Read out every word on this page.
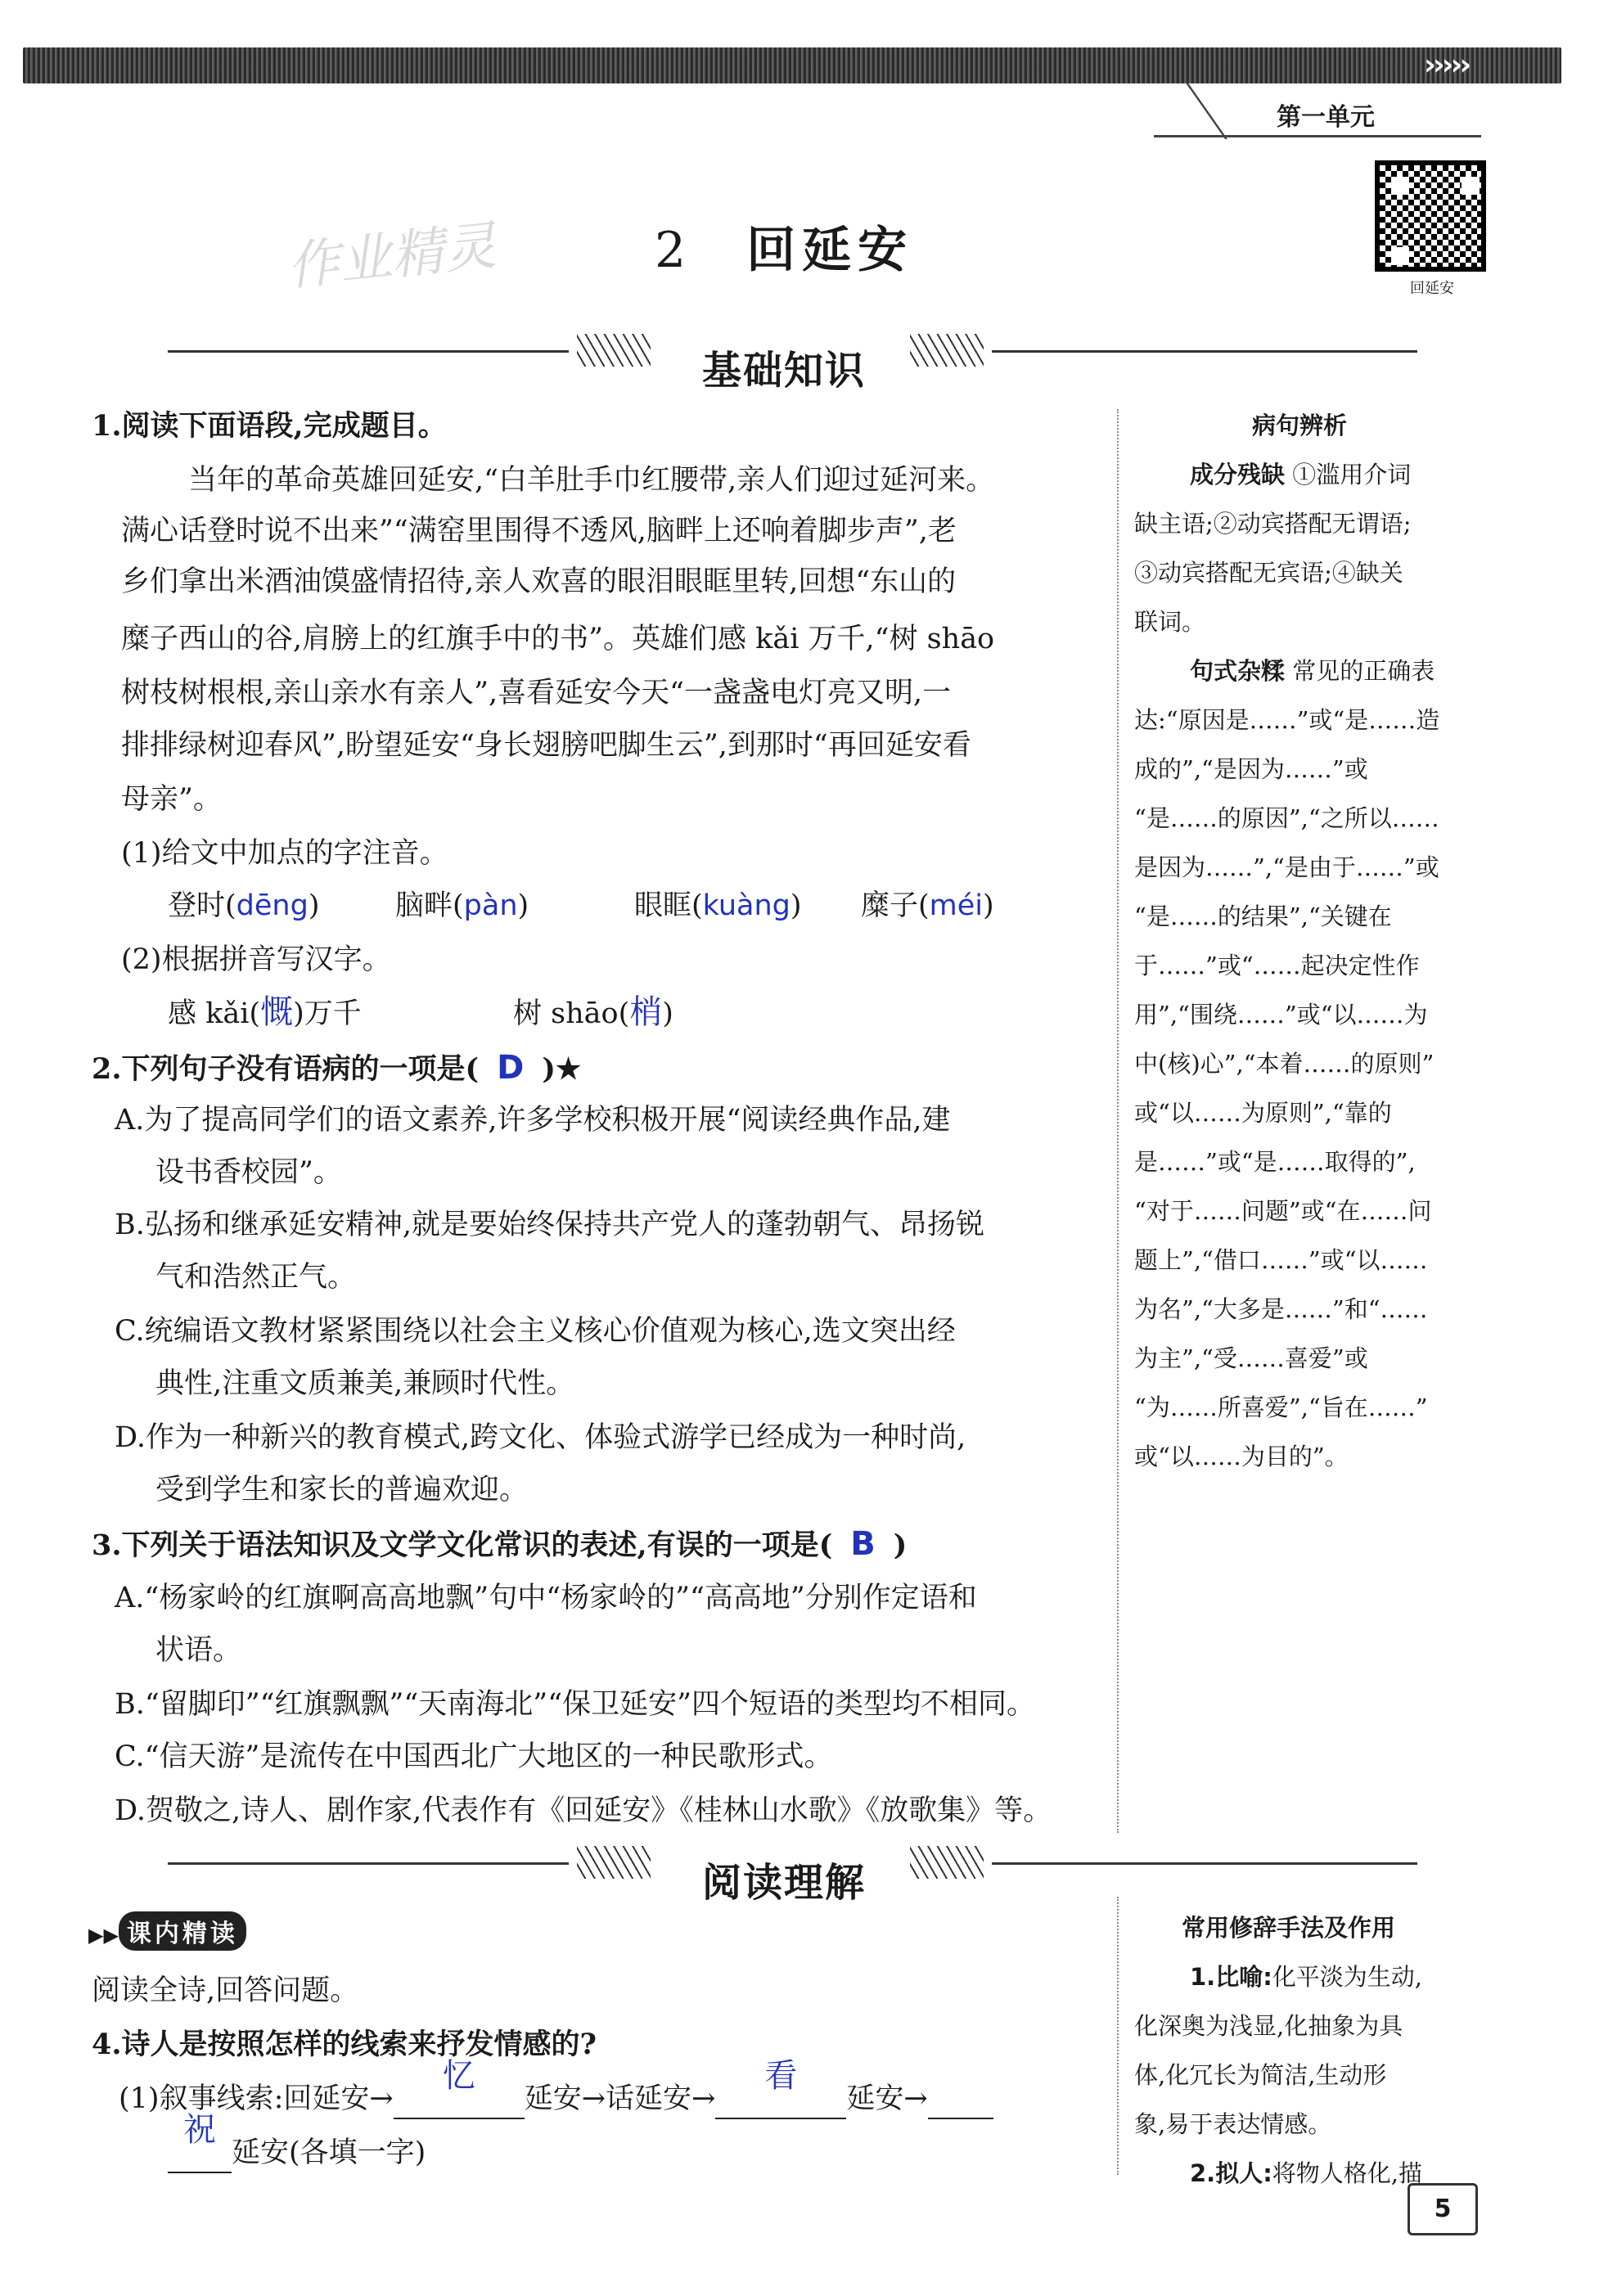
›››››
第一单元
作业精灵	2 回延安
回延安
基础知识

1.阅读下面语段,完成题目。

当年的革命英雄回延安,“白羊肚手巾红腰带,亲人们迎过延河来。

满心话登时说不出来”“满窑里围得不透风,脑畔上还响着脚步声”,老

乡们拿出米酒油馍盛情招待,亲人欢喜的眼泪眼眶里转,回想“东山的

糜子西山的谷,肩膀上的红旗手中的书”。英雄们感 kǎi 万千,“树 shāo

树枝树根根,亲山亲水有亲人”,喜看延安今天“一盏盏电灯亮又明,一

排排绿树迎春风”,盼望延安“身长翅膀吧脚生云”,到那时“再回延安看

母亲”。

(1)给文中加点的字注音。

登时(dēng)	脑畔(pàn)	眼眶(kuàng) 糜子(méi)

(2)根据拼音写汉字。

感 kǎi(慨)万千	树 shāo(梢)

2.下列句子没有语病的一项是( D )★

A.为了提高同学们的语文素养,许多学校积极开展“阅读经典作品,建

设书香校园”。

B.弘扬和继承延安精神,就是要始终保持共产党人的蓬勃朝气、昂扬锐

气和浩然正气。

C.统编语文教材紧紧围绕以社会主义核心价值观为核心,选文突出经

典性,注重文质兼美,兼顾时代性。

D.作为一种新兴的教育模式,跨文化、体验式游学已经成为一种时尚,

受到学生和家长的普遍欢迎。

3.下列关于语法知识及文学文化常识的表述,有误的一项是( B )

A.“杨家岭的红旗啊高高地飘”句中“杨家岭的”“高高地”分别作定语和

状语。

B.“留脚印”“红旗飘飘”“天南海北”“保卫延安”四个短语的类型均不相同。

C.“信天游”是流传在中国西北广大地区的一种民歌形式。

D.贺敬之,诗人、剧作家,代表作有《回延安》《桂林山水歌》《放歌集》等。

阅读理解
▶▶ 课内精读

阅读全诗,回答问题。

4.诗人是按照怎样的线索来抒发情感的?

(1)叙事线索:回延安→
忆
延安→话延安→
看
延安→

祝
延安(各填一字)

病句辨析
成分残缺 ①滥用介词
缺主语;②动宾搭配无谓语;
③动宾搭配无宾语;④缺关
联词。
句式杂糅 常见的正确表
达:“原因是……”或“是……造
成的”,“是因为……”或
“是……的原因”,“之所以……
是因为……”,“是由于……”或
“是……的结果”,“关键在
于……”或“……起决定性作
用”,“围绕……”或“以……为
中(核)心”,“本着……的原则”
或“以……为原则”,“靠的
是……”或“是……取得的”,
“对于……问题”或“在……问
题上”,“借口……”或“以……
为名”,“大多是……”和“……
为主”,“受……喜爱”或
“为……所喜爱”,“旨在……”
或“以……为目的”。
常用修辞手法及作用
1.比喻:化平淡为生动,
化深奥为浅显,化抽象为具
体,化冗长为简洁,生动形
象,易于表达情感。
2.拟人:将物人格化,描
5
